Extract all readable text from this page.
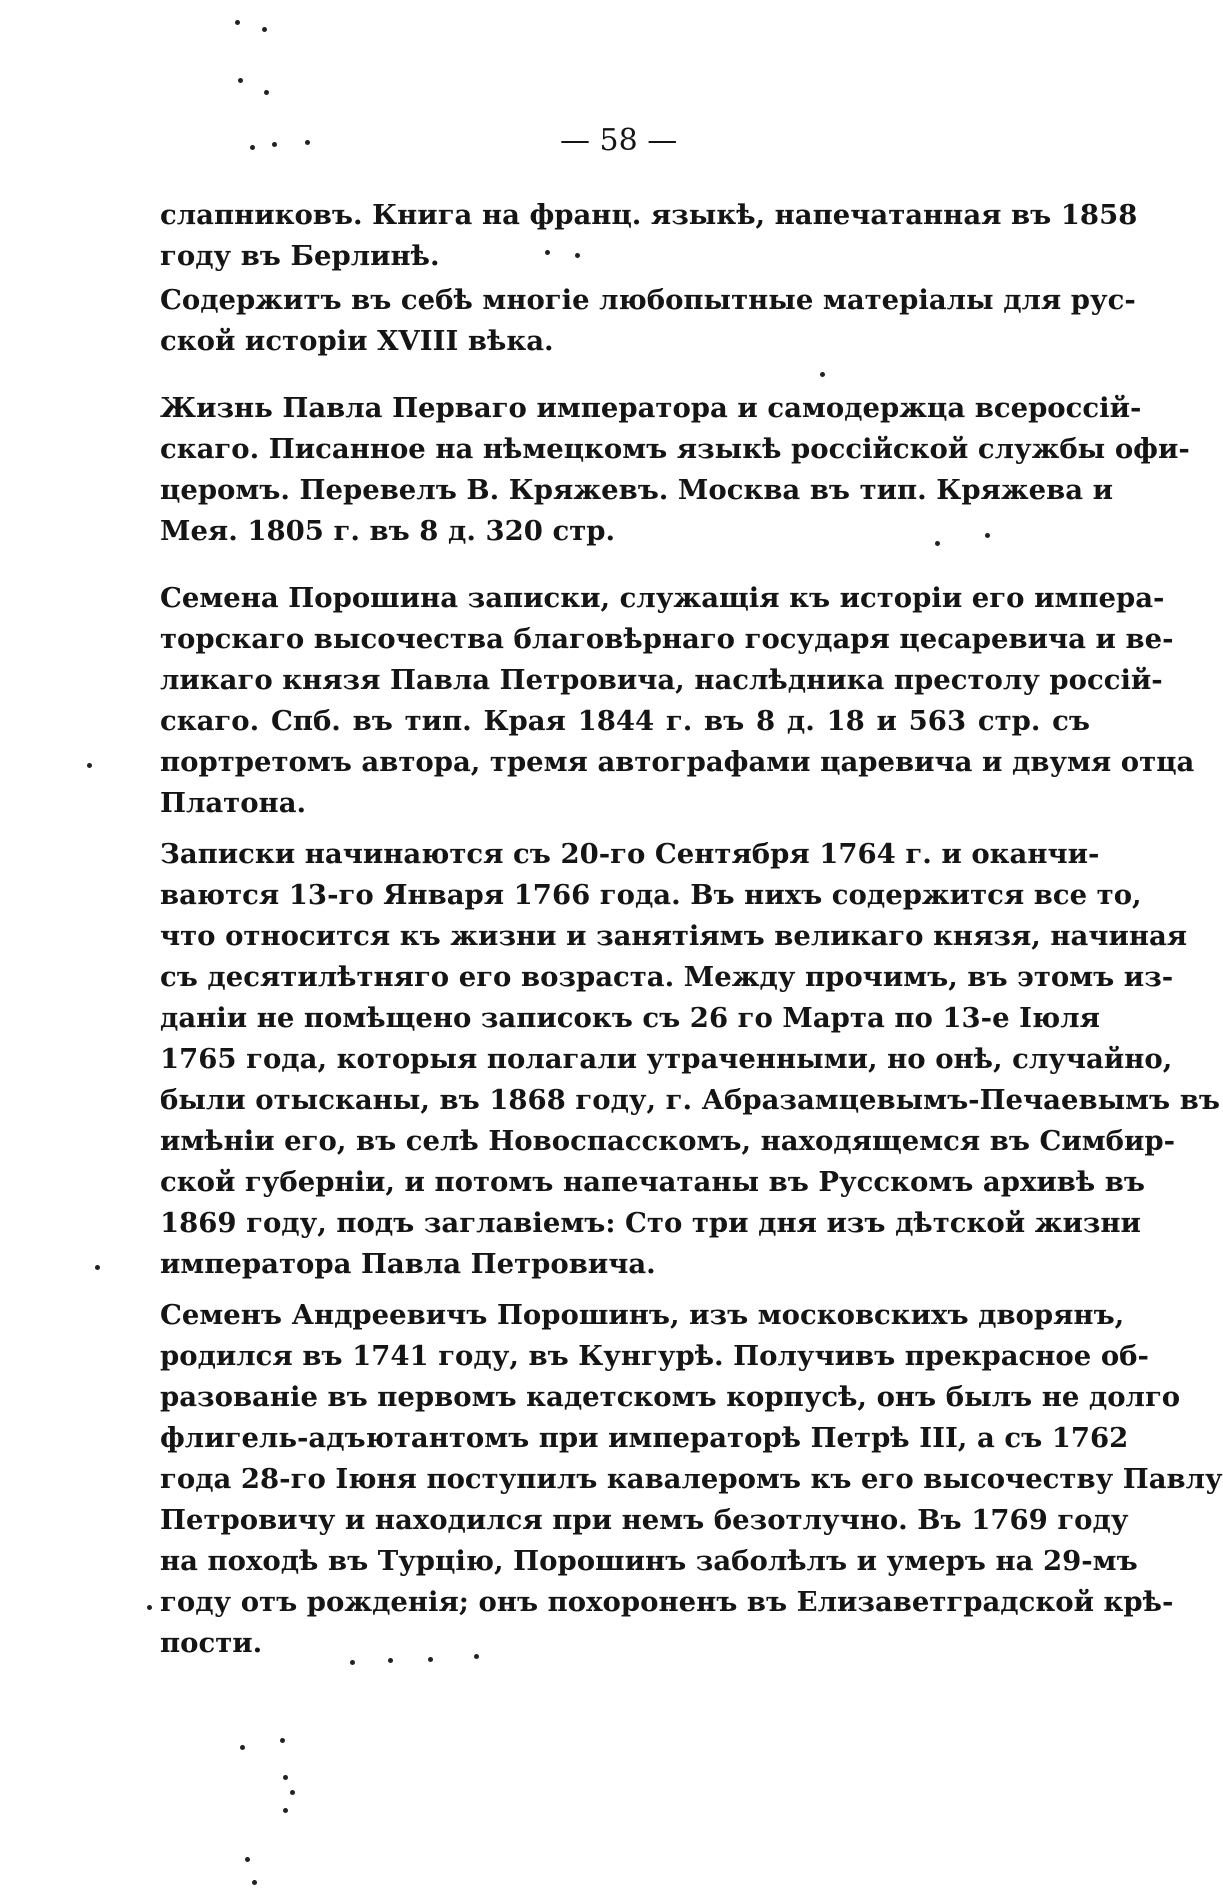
— 58 —
слапниковъ. Книга на франц. языкѣ, напечатанная въ 1858
году въ Берлинѣ.
Содержитъ въ себѣ многіе любопытные матеріалы для рус-
ской исторіи XVIII вѣка.
Жизнь Павла Перваго императора и самодержца всероссій-
скаго. Писанное на нѣмецкомъ языкѣ россійской службы офи-
церомъ. Перевелъ В. Кряжевъ. Москва въ тип. Кряжева и
Мея. 1805 г. въ 8 д. 320 стр.
Семена Порошина записки, служащія къ исторіи его импера-
торскаго высочества благовѣрнаго государя цесаревича и ве-
ликаго князя Павла Петровича, наслѣдника престолу россій-
скаго. Спб. въ тип. Края 1844 г. въ 8 д. 18 и 563 стр. съ
портретомъ автора, тремя автографами царевича и двумя отца
Платона.
Записки начинаются съ 20-го Сентября 1764 г. и оканчи-
ваются 13-го Января 1766 года. Въ нихъ содержится все то,
что относится къ жизни и занятіямъ великаго князя, начиная
съ десятилѣтняго его возраста. Между прочимъ, въ этомъ из-
даніи не помѣщено записокъ съ 26 го Марта по 13-е Іюля
1765 года, которыя полагали утраченными, но онѣ, случайно,
были отысканы, въ 1868 году, г. Абразамцевымъ-Печаевымъ въ
имѣніи его, въ селѣ Новоспасскомъ, находящемся въ Симбир-
ской губерніи, и потомъ напечатаны въ Русскомъ архивѣ въ
1869 году, подъ заглавіемъ: Сто три дня изъ дѣтской жизни
императора Павла Петровича.
Семенъ Андреевичъ Порошинъ, изъ московскихъ дворянъ,
родился въ 1741 году, въ Кунгурѣ. Получивъ прекрасное об-
разованіе въ первомъ кадетскомъ корпусѣ, онъ былъ не долго
флигель-адъютантомъ при императорѣ Петрѣ III, а съ 1762
года 28-го Іюня поступилъ кавалеромъ къ его высочеству Павлу
Петровичу и находился при немъ безотлучно. Въ 1769 году
на походѣ въ Турцію, Порошинъ заболѣлъ и умеръ на 29-мъ
году отъ рожденія; онъ похороненъ въ Елизаветградской крѣ-
пости.
